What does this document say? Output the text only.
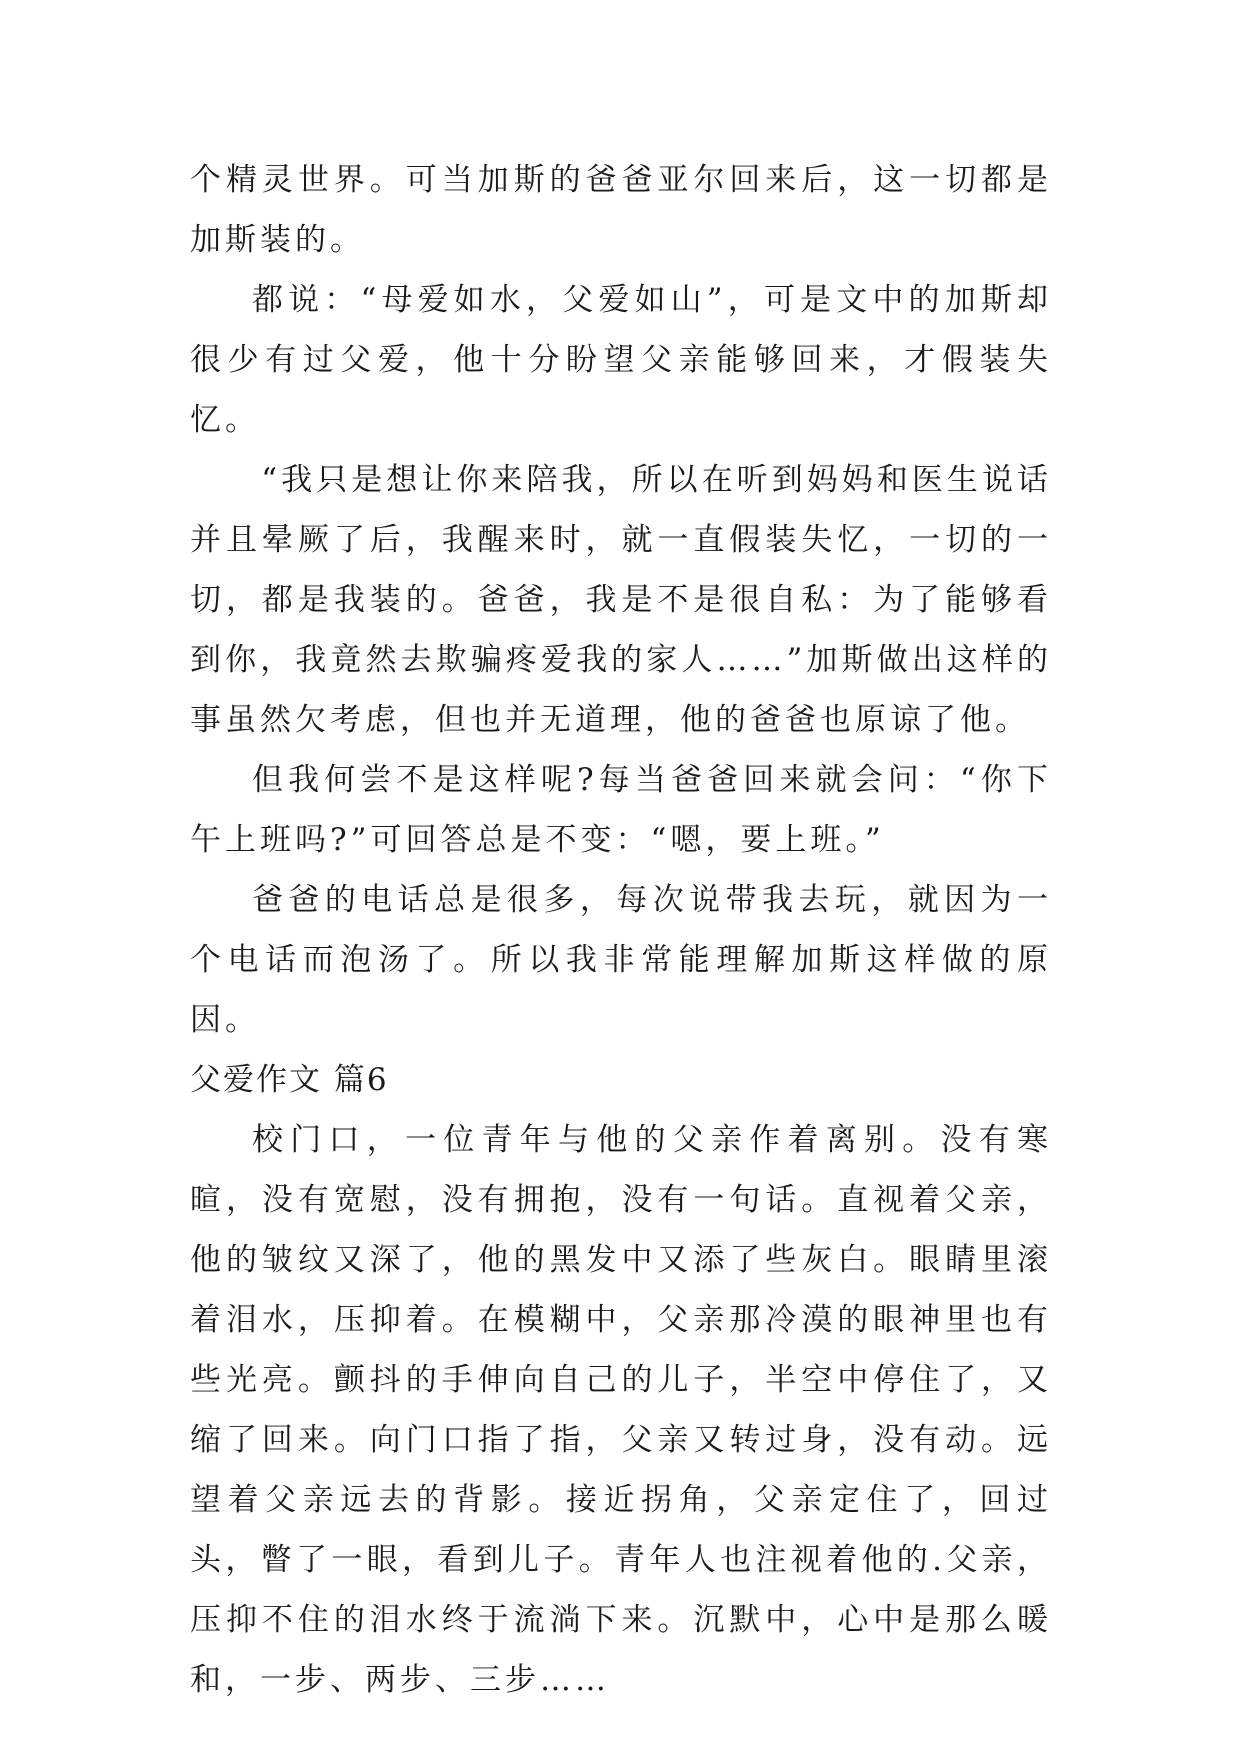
个精灵世界。可当加斯的爸爸亚尔回来后，这一切都是加斯装的。

都说：“母爱如水，父爱如山”，可是文中的加斯却很少有过父爱，他十分盼望父亲能够回来，才假装失忆。

“我只是想让你来陪我，所以在听到妈妈和医生说话并且晕厥了后，我醒来时，就一直假装失忆，一切的一切，都是我装的。爸爸，我是不是很自私：为了能够看到你，我竟然去欺骗疼爱我的家人……”加斯做出这样的事虽然欠考虑，但也并无道理，他的爸爸也原谅了他。

但我何尝不是这样呢?每当爸爸回来就会问：“你下午上班吗?”可回答总是不变：“嗯，要上班。”

爸爸的电话总是很多，每次说带我去玩，就因为一个电话而泡汤了。所以我非常能理解加斯这样做的原因。

父爱作文 篇6

校门口，一位青年与他的父亲作着离别。没有寒暄，没有宽慰，没有拥抱，没有一句话。直视着父亲，他的皱纹又深了，他的黑发中又添了些灰白。眼睛里滚着泪水，压抑着。在模糊中，父亲那冷漠的眼神里也有些光亮。颤抖的手伸向自己的儿子，半空中停住了，又缩了回来。向门口指了指，父亲又转过身，没有动。远望着父亲远去的背影。接近拐角，父亲定住了，回过头，瞥了一眼，看到儿子。青年人也注视着他的.父亲，压抑不住的泪水终于流淌下来。沉默中，心中是那么暖和，一步、两步、三步……
